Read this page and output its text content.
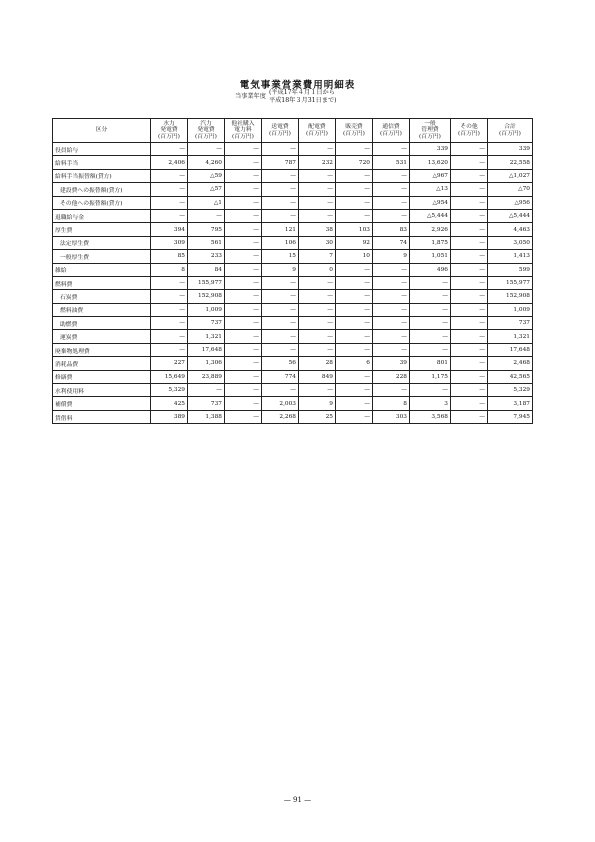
電気事業営業費用明細表
当事業年度
(平成17年４月１日から
平成18年３月31日まで)
区分	水力
発電費
(百万円)	汽力
発電費
(百万円)	他社購入
電力料
(百万円)	送電費
(百万円)	配電費
(百万円)	販売費
(百万円)	通信費
(百万円)	一般
管理費
(百万円)	その他
(百万円)	合計
(百万円)

役員給与	—	—	—	—	—	—	—	339	—	339
給料手当	2,406	4,260	—	787	232	720	531	13,620	—	22,558
給料手当振替額(貸方)	—	△59	—	—	—	—	—	△967	—	△1,027
建設費への振替額(貸方)	—	△57	—	—	—	—	—	△13	—	△70
その他への振替額(貸方)	—	△1	—	—	—	—	—	△954	—	△956
退職給与金	—	—	—	—	—	—	—	△5,444	—	△5,444
厚生費	394	795	—	121	38	103	83	2,926	—	4,463
法定厚生費	309	561	—	106	30	92	74	1,875	—	3,050
一般厚生費	85	233	—	15	7	10	9	1,051	—	1,413
雑給	8	84	—	9	0	—	—	496	—	599
燃料費	—	155,977	—	—	—	—	—	—	—	155,977
石炭費	—	152,908	—	—	—	—	—	—	—	152,908
燃料油費	—	1,009	—	—	—	—	—	—	—	1,009
助燃費	—	737	—	—	—	—	—	—	—	737
運炭費	—	1,321	—	—	—	—	—	—	—	1,321
廃棄物処理費	—	17,648	—	—	—	—	—	—	—	17,648
消耗品費	227	1,306	—	56	28	6	39	801	—	2,468
修繕費	15,649	23,889	—	774	849	—	228	1,175	—	42,565
水利使用料	5,329	—	—	—	—	—	—	—	—	5,329
補償費	425	737	—	2,003	9	—	8	3	—	3,187
賃借料	389	1,388	—	2,268	25	—	303	3,568	—	7,945
— 91 —
